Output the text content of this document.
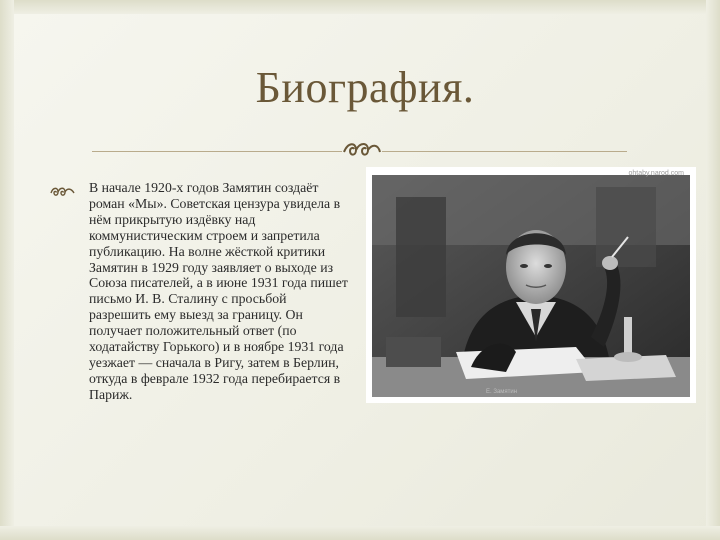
Биография.
В начале 1920-х годов Замятин создаёт роман «Мы». Советская цензура увидела в нём прикрытую издёвку над коммунистическим строем и запретила публикацию. На волне жёсткой критики Замятин в 1929 году заявляет о выходе из Союза писателей, а в июне 1931 года пишет письмо И. В. Сталину с просьбой разрешить ему выезд за границу. Он получает положительный ответ (по ходатайству Горького) и в ноябре 1931 года уезжает — сначала в Ригу, затем в Берлин, откуда в феврале 1932 года перебирается в Париж.
ohtaby.narod.com
Е. Замятин
